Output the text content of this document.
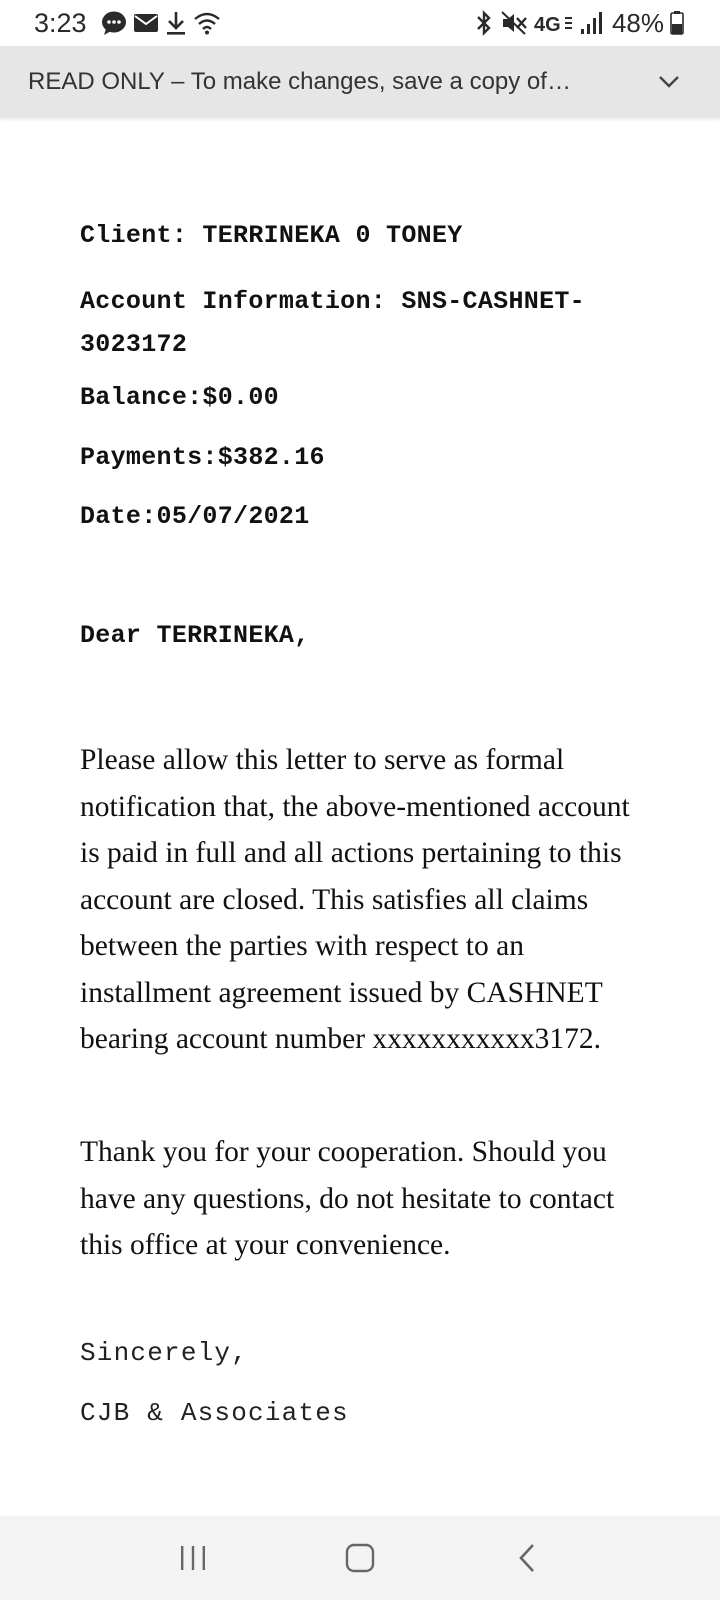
3:23	4G 48%
READ ONLY – To make changes, save a copy of…
Client: TERRINEKA 0 TONEY
Account Information: SNS-CASHNET-3023172
Balance:$0.00
Payments:$382.16
Date:05/07/2021
Dear TERRINEKA,

Please allow this letter to serve as formal notification that, the above-mentioned account is paid in full and all actions pertaining to this account are closed. This satisfies all claims between the parties with respect to an installment agreement issued by CASHNET bearing account number xxxxxxxxxxx3172.

Thank you for your cooperation. Should you have any questions, do not hesitate to contact this office at your convenience.

Sincerely,
CJB & Associates
